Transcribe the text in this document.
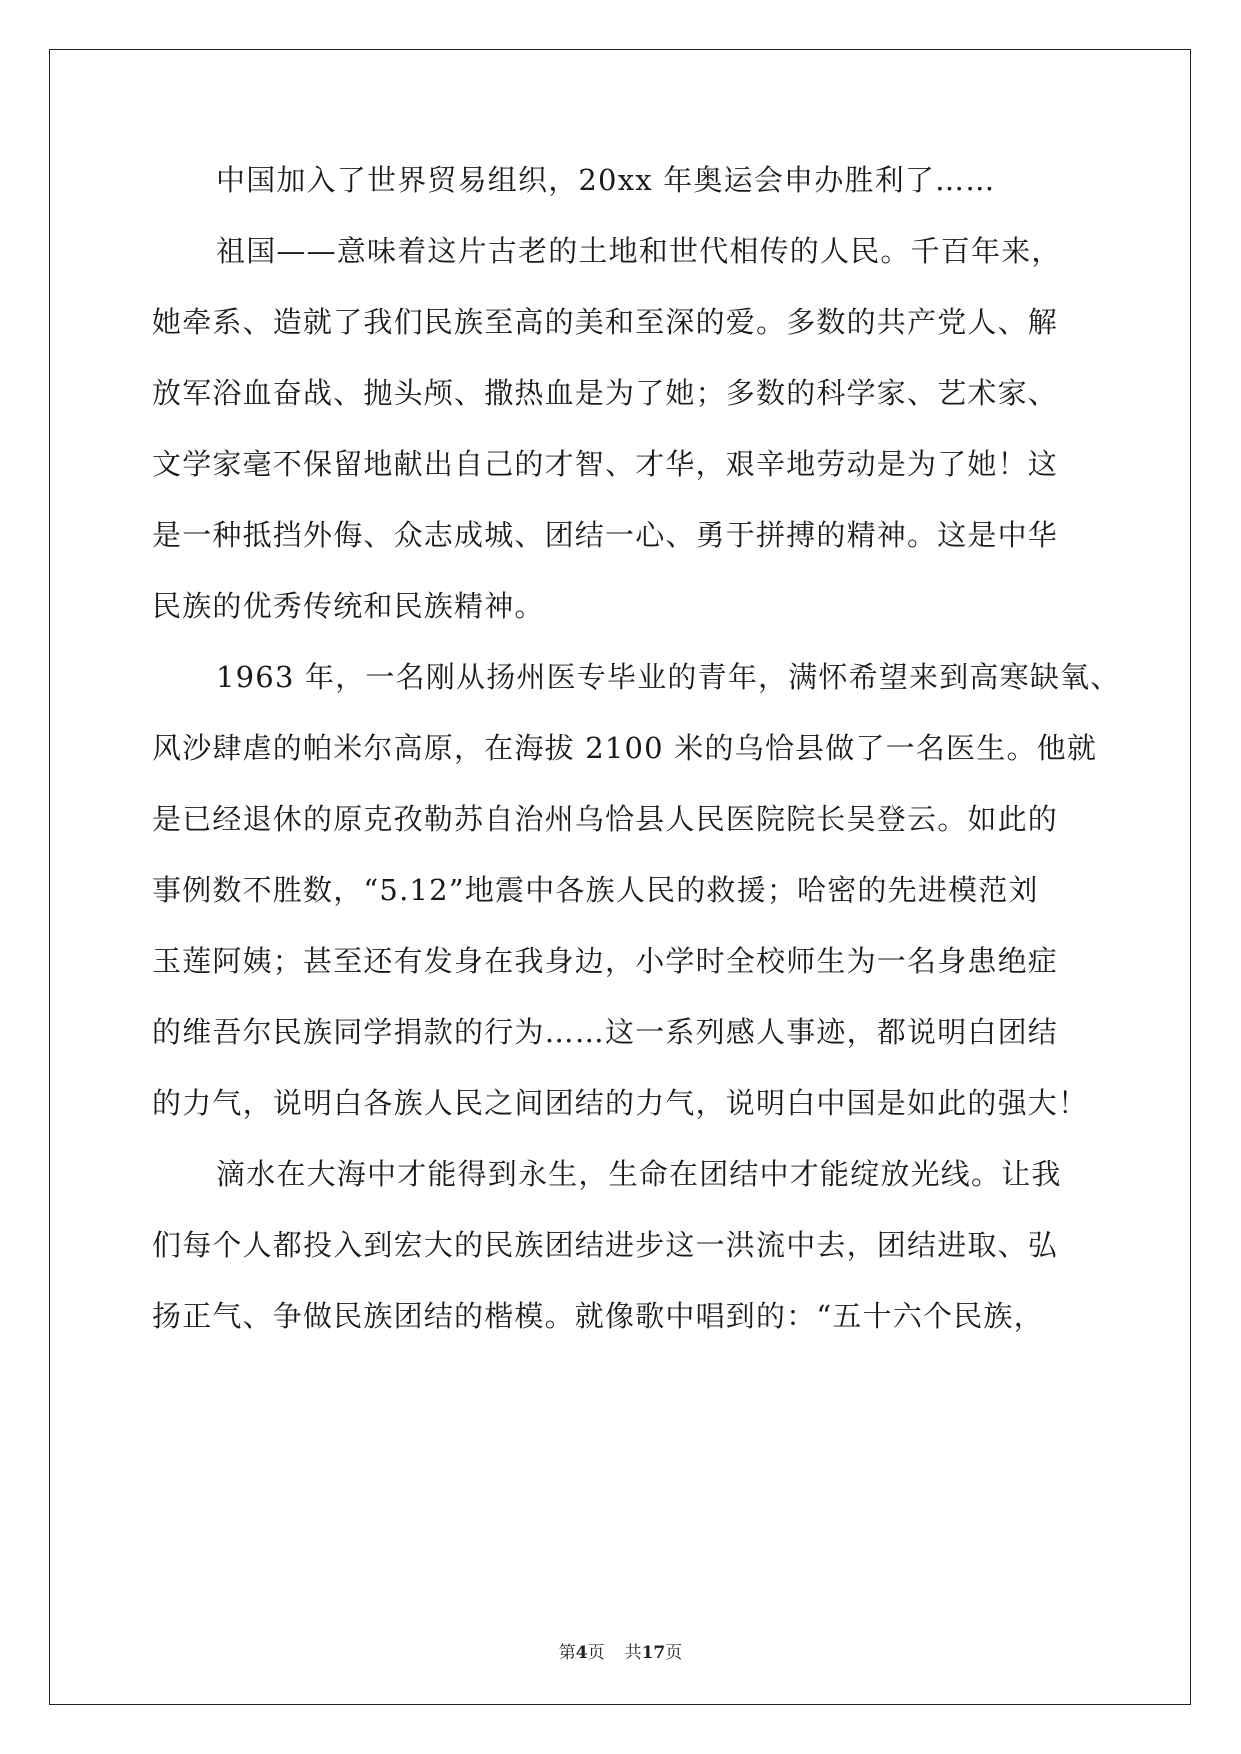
中国加入了世界贸易组织，20xx 年奥运会申办胜利了……
祖国——意味着这片古老的土地和世代相传的人民。千百年来，
她牵系、造就了我们民族至高的美和至深的爱。多数的共产党人、解
放军浴血奋战、抛头颅、撒热血是为了她；多数的科学家、艺术家、
文学家毫不保留地献出自己的才智、才华，艰辛地劳动是为了她！这
是一种抵挡外侮、众志成城、团结一心、勇于拼搏的精神。这是中华
民族的优秀传统和民族精神。
1963 年，一名刚从扬州医专毕业的青年，满怀希望来到高寒缺氧、
风沙肆虐的帕米尔高原，在海拔 2100 米的乌恰县做了一名医生。他就
是已经退休的原克孜勒苏自治州乌恰县人民医院院长吴登云。如此的
事例数不胜数，“5.12”地震中各族人民的救援；哈密的先进模范刘
玉莲阿姨；甚至还有发身在我身边，小学时全校师生为一名身患绝症
的维吾尔民族同学捐款的行为……这一系列感人事迹，都说明白团结
的力气，说明白各族人民之间团结的力气，说明白中国是如此的强大！
滴水在大海中才能得到永生，生命在团结中才能绽放光线。让我
们每个人都投入到宏大的民族团结进步这一洪流中去，团结进取、弘
扬正气、争做民族团结的楷模。就像歌中唱到的：“五十六个民族，
第4页 共17页
